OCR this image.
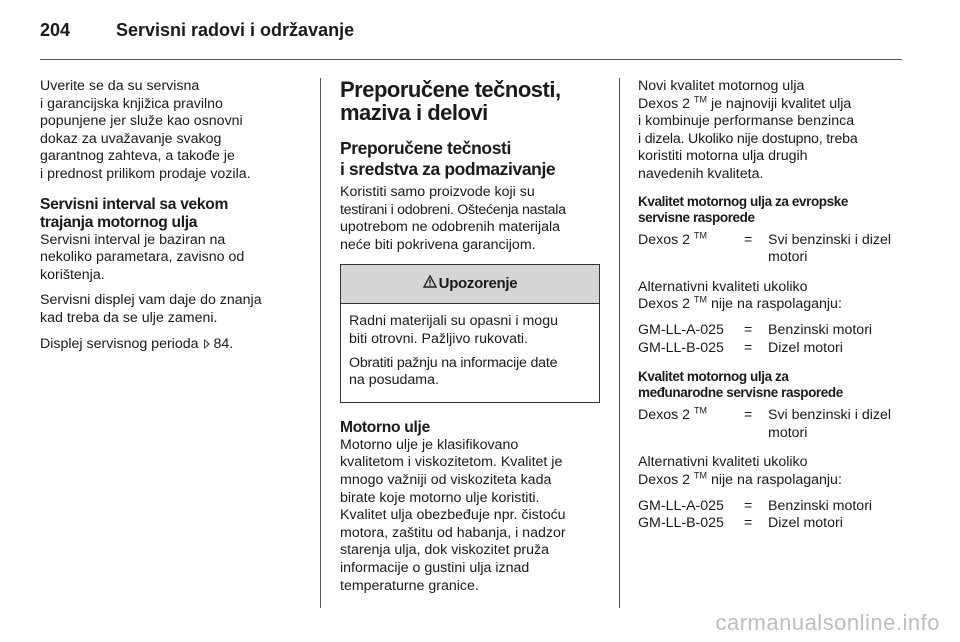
204	Servisni radovi i održavanje

Uverite se da su servisna
i garancijska knjižica pravilno
popunjene jer služe kao osnovni
dokaz za uvažavanje svakog
garantnog zahteva, a takođe je
i prednost prilikom prodaje vozila.

Servisni interval sa vekom
trajanja motornog ulja

Servisni interval je baziran na
nekoliko parametara, zavisno od
korištenja.

Servisni displej vam daje do znanja
kad treba da se ulje zameni.

Displej servisnog perioda 84.

Preporučene tečnosti,
maziva i delovi
Preporučene tečnosti
i sredstva za podmazivanje

Koristiti samo proizvode koji su
testirani i odobreni. Oštećenja nastala
upotrebom ne odobrenih materijala
neće biti pokrivena garancijom.

Upozorenje

Radni materijali su opasni i mogu
biti otrovni. Pažljivo rukovati.

Obratiti pažnju na informacije date
na posudama.

Motorno ulje

Motorno ulje je klasifikovano
kvalitetom i viskozitetom. Kvalitet je
mnogo važniji od viskoziteta kada
birate koje motorno ulje koristiti.
Kvalitet ulja obezbeđuje npr. čistoću
motora, zaštitu od habanja, i nadzor
starenja ulja, dok viskozitet pruža
informacije o gustini ulja iznad
temperaturne granice.

Novi kvalitet motornog ulja
Dexos 2 ™ je najnoviji kvalitet ulja
i kombinuje performanse benzinca
i dizela. Ukoliko nije dostupno, treba
koristiti motorna ulja drugih
navedenih kvaliteta.

Kvalitet motornog ulja za evropske
servisne rasporede
Dexos 2 ™	=	Svi benzinski i dizel
motori

Alternativni kvaliteti ukoliko
Dexos 2 ™ nije na raspolaganju:

GM-LL-A-025	=	Benzinski motori
GM-LL-B-025	=	Dizel motori
Kvalitet motornog ulja za
međunarodne servisne rasporede
Dexos 2 ™	=	Svi benzinski i dizel
motori

Alternativni kvaliteti ukoliko
Dexos 2 ™ nije na raspolaganju:

GM-LL-A-025	=	Benzinski motori
GM-LL-B-025	=	Dizel motori
carmanualsonline.info
